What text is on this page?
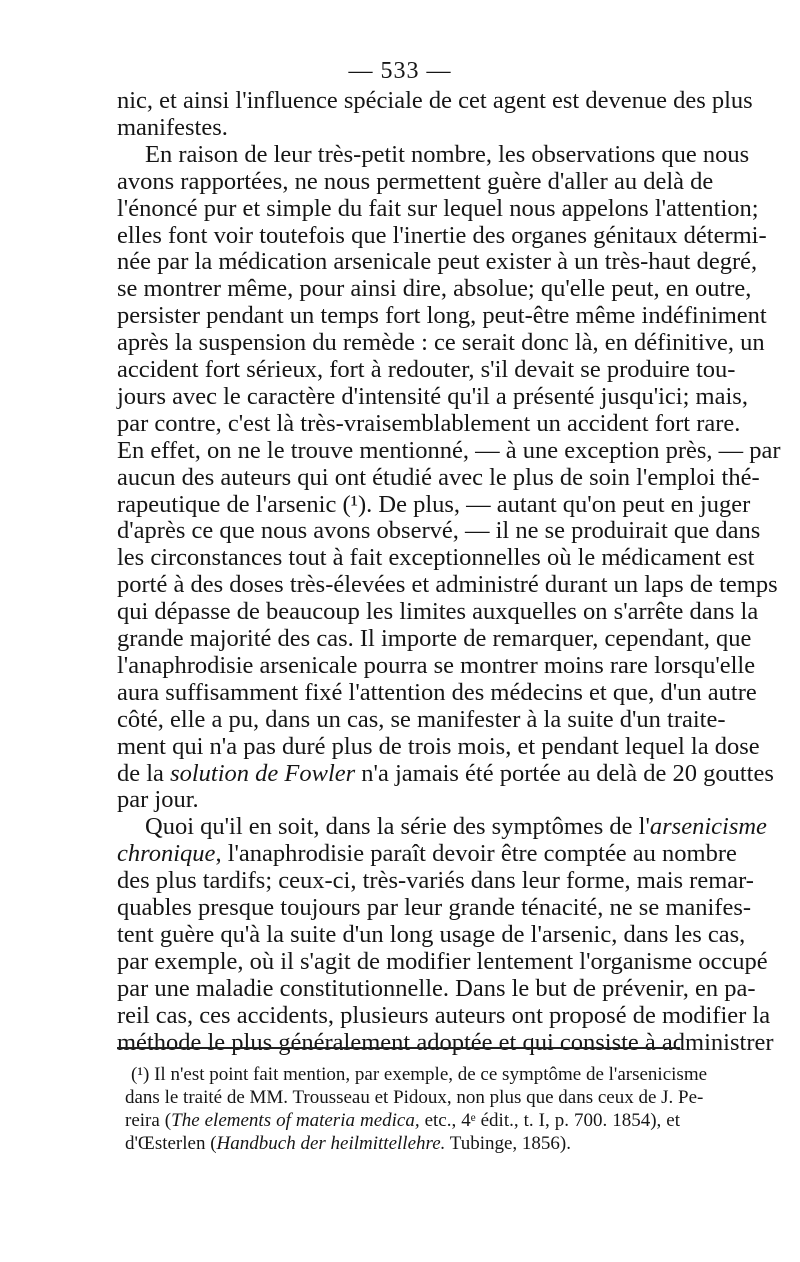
— 533 —
nic, et ainsi l'influence spéciale de cet agent est devenue des plus
manifestes.
En raison de leur très-petit nombre, les observations que nous
avons rapportées, ne nous permettent guère d'aller au delà de
l'énoncé pur et simple du fait sur lequel nous appelons l'attention;
elles font voir toutefois que l'inertie des organes génitaux détermi-
née par la médication arsenicale peut exister à un très-haut degré,
se montrer même, pour ainsi dire, absolue; qu'elle peut, en outre,
persister pendant un temps fort long, peut-être même indéfiniment
après la suspension du remède : ce serait donc là, en définitive, un
accident fort sérieux, fort à redouter, s'il devait se produire tou-
jours avec le caractère d'intensité qu'il a présenté jusqu'ici; mais,
par contre, c'est là très-vraisemblablement un accident fort rare.
En effet, on ne le trouve mentionné, — à une exception près, — par
aucun des auteurs qui ont étudié avec le plus de soin l'emploi thé-
rapeutique de l'arsenic (¹). De plus, — autant qu'on peut en juger
d'après ce que nous avons observé, — il ne se produirait que dans
les circonstances tout à fait exceptionnelles où le médicament est
porté à des doses très-élevées et administré durant un laps de temps
qui dépasse de beaucoup les limites auxquelles on s'arrête dans la
grande majorité des cas. Il importe de remarquer, cependant, que
l'anaphrodisie arsenicale pourra se montrer moins rare lorsqu'elle
aura suffisamment fixé l'attention des médecins et que, d'un autre
côté, elle a pu, dans un cas, se manifester à la suite d'un traite-
ment qui n'a pas duré plus de trois mois, et pendant lequel la dose
de la solution de Fowler n'a jamais été portée au delà de 20 gouttes
par jour.
Quoi qu'il en soit, dans la série des symptômes de l'arsenicisme
chronique, l'anaphrodisie paraît devoir être comptée au nombre
des plus tardifs; ceux-ci, très-variés dans leur forme, mais remar-
quables presque toujours par leur grande ténacité, ne se manifes-
tent guère qu'à la suite d'un long usage de l'arsenic, dans les cas,
par exemple, où il s'agit de modifier lentement l'organisme occupé
par une maladie constitutionnelle. Dans le but de prévenir, en pa-
reil cas, ces accidents, plusieurs auteurs ont proposé de modifier la
méthode le plus généralement adoptée et qui consiste à administrer
(¹) Il n'est point fait mention, par exemple, de ce symptôme de l'arsenicisme
dans le traité de MM. Trousseau et Pidoux, non plus que dans ceux de J. Pe-
reira (The elements of materia medica, etc., 4ᵉ édit., t. I, p. 700. 1854), et
d'Œsterlen (Handbuch der heilmittellehre. Tubinge, 1856).
